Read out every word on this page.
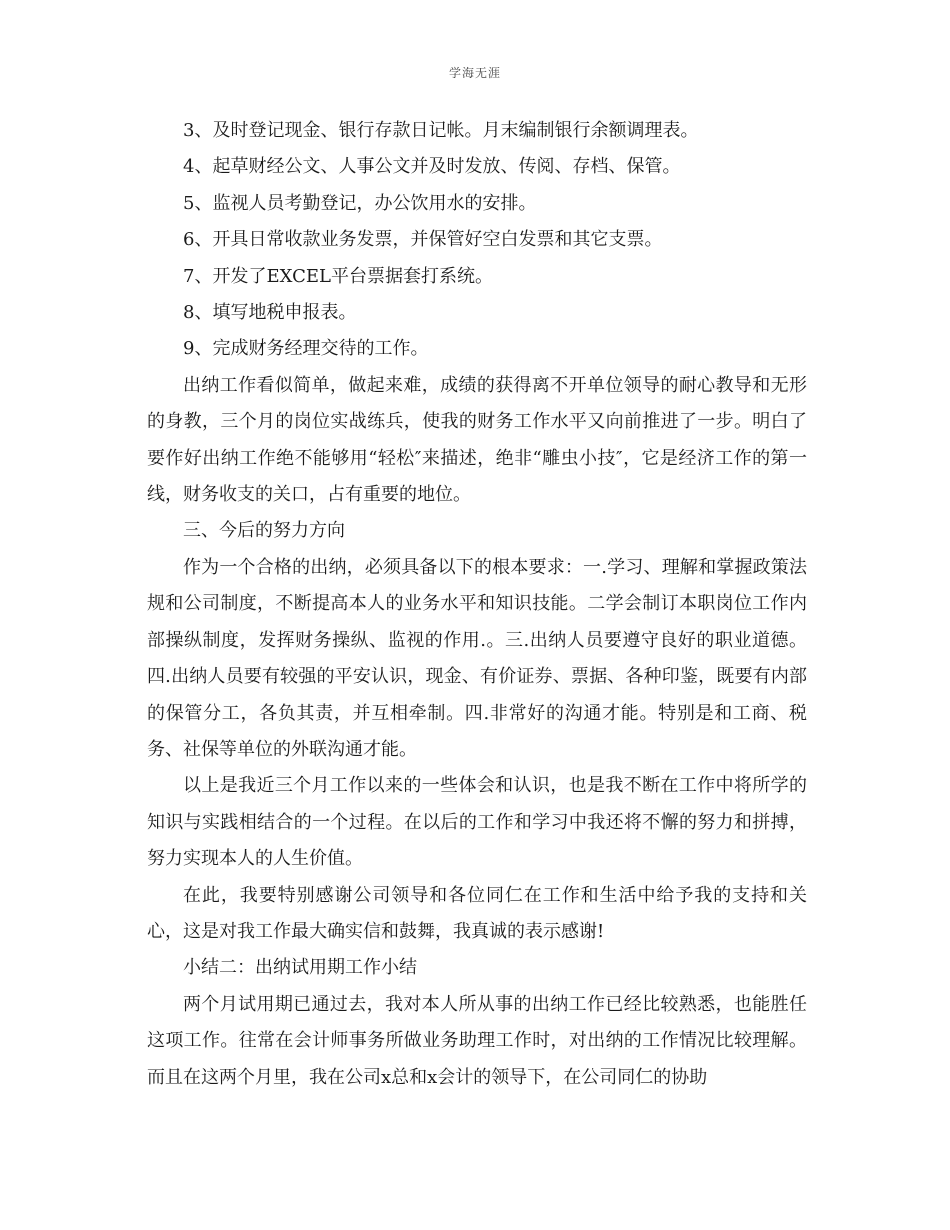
学海无涯

3、及时登记现金、银行存款日记帐。月末编制银行余额调理表。

4、起草财经公文、人事公文并及时发放、传阅、存档、保管。

5、监视人员考勤登记，办公饮用水的安排。

6、开具日常收款业务发票，并保管好空白发票和其它支票。

7、开发了EXCEL平台票据套打系统。

8、填写地税申报表。

9、完成财务经理交待的工作。

出纳工作看似简单，做起来难，成绩的获得离不开单位领导的耐心教导和无形的身教，三个月的岗位实战练兵，使我的财务工作水平又向前推进了一步。明白了要作好出纳工作绝不能够用“轻松″来描述，绝非“雕虫小技″，它是经济工作的第一线，财务收支的关口，占有重要的地位。

三、今后的努力方向

作为一个合格的出纳，必须具备以下的根本要求：一.学习、理解和掌握政策法规和公司制度，不断提高本人的业务水平和知识技能。二学会制订本职岗位工作内部操纵制度，发挥财务操纵、监视的作用.。三.出纳人员要遵守良好的职业道德。四.出纳人员要有较强的平安认识，现金、有价证券、票据、各种印鉴，既要有内部的保管分工，各负其责，并互相牵制。四.非常好的沟通才能。特别是和工商、税务、社保等单位的外联沟通才能。

以上是我近三个月工作以来的一些体会和认识，也是我不断在工作中将所学的知识与实践相结合的一个过程。在以后的工作和学习中我还将不懈的努力和拼搏，努力实现本人的人生价值。

在此，我要特别感谢公司领导和各位同仁在工作和生活中给予我的支持和关心，这是对我工作最大确实信和鼓舞，我真诚的表示感谢!

小结二：出纳试用期工作小结

两个月试用期已通过去，我对本人所从事的出纳工作已经比较熟悉，也能胜任这项工作。往常在会计师事务所做业务助理工作时，对出纳的工作情况比较理解。而且在这两个月里，我在公司x总和x会计的领导下，在公司同仁的协助
